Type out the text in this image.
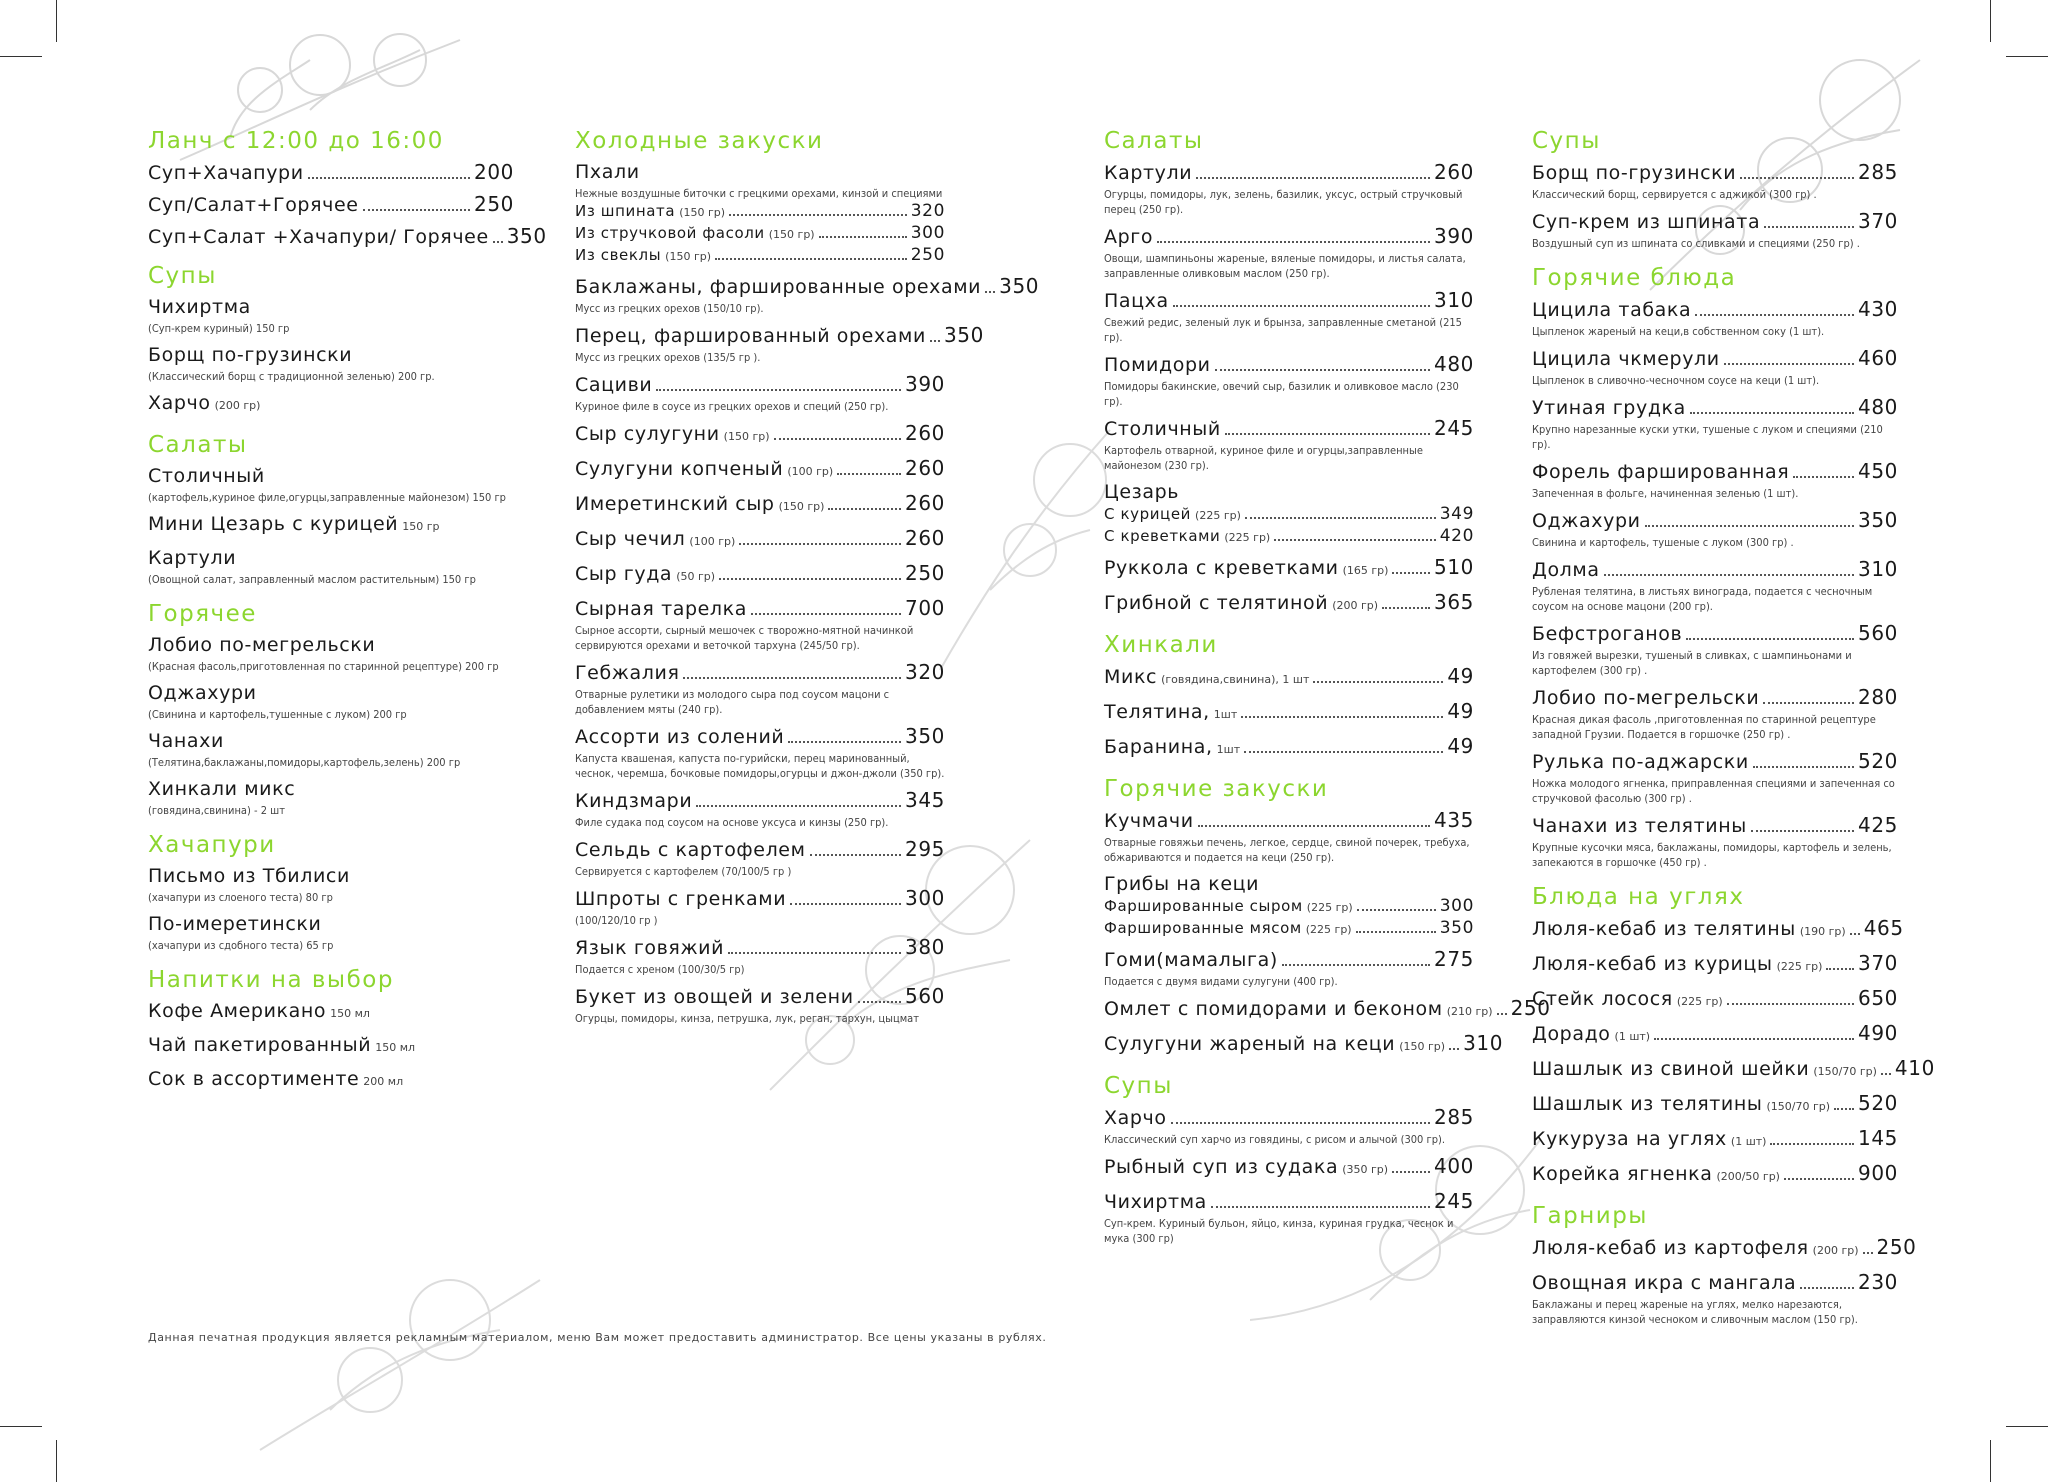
Ланч с 12:00 до 16:00
Суп+Хачапури	200
Суп/Салат+Горячее	250
Суп+Салат +Хачапури/ Горячее 350
Супы
Чихиртма
(Суп-крем куриный) 150 гр
Борщ по-грузински
(Классический борщ с традиционной зеленью) 200 гр.
Харчо (200 гр)
Салаты
Столичный
(картофель,куриное филе,огурцы,заправленные майонезом) 150 гр
Мини Цезарь с курицей 150 гр
Картули
(Овощной салат, заправленный маслом растительным) 150 гр
Горячее
Лобио по-мегрельски
(Красная фасоль,приготовленная по старинной рецептуре) 200 гр
Оджахури
(Свинина и картофель,тушенные с луком) 200 гр
Чанахи
(Телятина,баклажаны,помидоры,картофель,зелень) 200 гр
Хинкали микс
(говядина,свинина) - 2 шт
Хачапури
Письмо из Тбилиси
(хачапури из слоеного теста) 80 гр
По-имеретински
(хачапури из сдобного теста) 65 гр
Напитки на выбор
Кофе Американо 150 мл
Чай пакетированный 150 мл
Сок в ассортименте 200 мл
Холодные закуски
Пхали
Нежные воздушные биточки с грецкими орехами, кинзой и специями
Из шпината (150 гр)	320
Из стручковой фасоли (150 гр)	300
Из свеклы (150 гр)	250
Баклажаны, фаршированные орехами 350
Мусс из грецких орехов (150/10 гр).
Перец, фаршированный орехами 350
Мусс из грецких орехов (135/5 гр ).
Сациви	390
Куриное филе в соусе из грецких орехов и специй (250 гр).
Сыр сулугуни (150 гр)	260
Сулугуни копченый (100 гр)	260
Имеретинский сыр (150 гр)	260
Сыр чечил (100 гр)	260
Сыр гуда (50 гр)	250
Сырная тарелка	700
Сырное ассорти, сырный мешочек с творожно-мятной начинкой сервируются орехами и веточкой тархуна (245/50 гр).
Гебжалия	320
Отварные рулетики из молодого сыра под соусом мацони с добавлением мяты (240 гр).
Ассорти из солений	350
Капуста квашеная, капуста по-гурийски, перец маринованный, чеснок, черемша, бочковые помидоры,огурцы и джон-джоли (350 гр).
Киндзмари	345
Филе судака под соусом на основе уксуса и кинзы (250 гр).
Сельдь с картофелем	295
Сервируется с картофелем (70/100/5 гр )
Шпроты с гренками	300
(100/120/10 гр )
Язык говяжий	380
Подается с хреном (100/30/5 гр)
Букет из овощей и зелени	560
Огурцы, помидоры, кинза, петрушка, лук, реган, тархун, цыцмат
Салаты
Картули	260
Огурцы, помидоры, лук, зелень, базилик, уксус, острый стручковый перец (250 гр).
Арго	390
Овощи, шампиньоны жареные, вяленые помидоры, и листья салата, заправленные оливковым маслом (250 гр).
Пацха	310
Свежий редис, зеленый лук и брынза, заправленные сметаной (215 гр).
Помидори	480
Помидоры бакинские, овечий сыр, базилик и оливковое масло (230 гр).
Столичный	245
Картофель отварной, куриное филе и огурцы,заправленные майонезом (230 гр).
Цезарь
С курицей (225 гр)	349
С креветками (225 гр)	420
Руккола с креветками (165 гр) 510
Грибной с телятиной (200 гр)	365
Хинкали
Микс (говядина,свинина), 1 шт	49
Телятина, 1шт	49
Баранина, 1шт	49
Горячие закуски
Кучмачи	435
Отварные говяжьи печень, легкое, сердце, свиной почерек, требуха, обжариваются и подается на кеци (250 гр).
Грибы на кеци
Фаршированные сыром (225 гр)	300
Фаршированные мясом (225 гр)	350
Гоми(мамалыга)	275
Подается с двумя видами сулугуни (400 гр).
Омлет с помидорами и беконом (210 гр) 250
Сулугуни жареный на кеци (150 гр) 310
Супы
Харчо	285
Классический суп харчо из говядины, с рисом и алычой (300 гр).
Рыбный суп из судака (350 гр) 400
Чихиртма	245
Суп-крем. Куриный бульон, яйцо, кинза, куриная грудка, чеснок и мука (300 гр)
Супы
Борщ по-грузински	285
Классический борщ, сервируется с аджикой (300 гр) .
Суп-крем из шпината	370
Воздушный суп из шпината со сливками и специями (250 гр) .
Горячие блюда
Цицила табака	430
Цыпленок жареный на кеци,в собственном соку (1 шт).
Цицила чкмерули	460
Цыпленок в сливочно-чесночном соусе на кеци (1 шт).
Утиная грудка	480
Крупно нарезанные куски утки, тушеные с луком и специями (210 гр).
Форель фаршированная	450
Запеченная в фольге, начиненная зеленью (1 шт).
Оджахури	350
Свинина и картофель, тушеные с луком (300 гр) .
Долма	310
Рубленая телятина, в листьях винограда, подается с чесночным соусом на основе мацони (200 гр).
Бефстроганов	560
Из говяжей вырезки, тушеный в сливках, с шампиньонами и картофелем (300 гр) .
Лобио по-мегрельски	280
Красная дикая фасоль ,приготовленная по старинной рецептуре западной Грузии. Подается в горшочке (250 гр) .
Рулька по-аджарски	520
Ножка молодого ягненка, приправленная специями и запеченная со стручковой фасолью (300 гр) .
Чанахи из телятины	425
Крупные кусочки мяса, баклажаны, помидоры, картофель и зелень, запекаются в горшочке (450 гр) .
Блюда на углях
Люля-кебаб из телятины (190 гр) 465
Люля-кебаб из курицы (225 гр) 370
Стейк лосося (225 гр)	650
Дорадо (1 шт)	490
Шашлык из свиной шейки (150/70 гр) 410
Шашлык из телятины (150/70 гр) 520
Кукуруза на углях (1 шт)	145
Корейка ягненка (200/50 гр)	900
Гарниры
Люля-кебаб из картофеля (200 гр) 250
Овощная икра с мангала	230
Баклажаны и перец жареные на углях, мелко нарезаются, заправляются кинзой чесноком и сливочным маслом (150 гр).
Данная печатная продукция является рекламным материалом, меню Вам может предоставить администратор. Все цены указаны в рублях.
